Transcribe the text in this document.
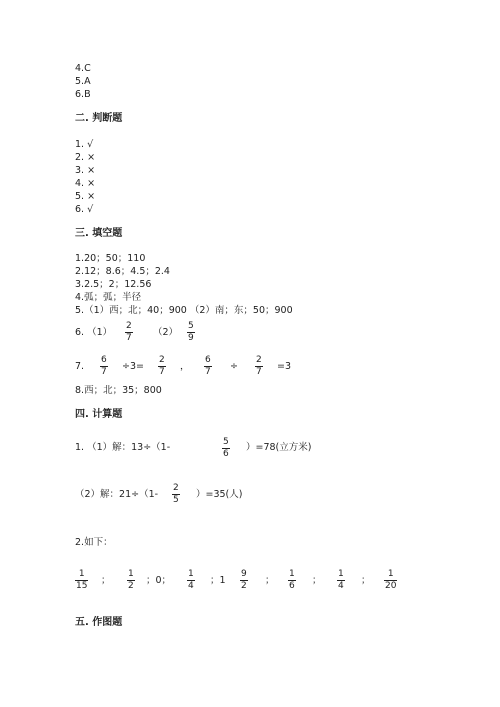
4.C
5.A
6.B
二. 判断题
1. √
2. ×
3. ×
4. ×
5. ×
6. √
三. 填空题
1.20；50；110
2.12；8.6；4.5；2.4
3.2.5；2；12.56
4.弧；弧；半径
5.（1）西；北；40；900 （2）南；东；50；900
6. $(1) \frac{2}{7} (2) \frac{5}{9}$
7. $\frac{6}{7} \div 3= \frac{2}{7}$ ， $\frac{6}{7} \div \frac{2}{7} =3$
8.西；北；35；800
四. 计算题
1. （1）解：13÷（1-	$\frac{5}{6} )=78$(立方米)
（2）解：$21\div(1- \frac{2}{5} )=35$(人)
2.如下：
$\frac{1}{15}$ ； $\frac{1}{2}$ ；0； $\frac{1}{4}$ ；$1 \frac{9}{2}$ ； $\frac{1}{6}$ ； $\frac{1}{4}$ ； $\frac{1}{20}$
五. 作图题
